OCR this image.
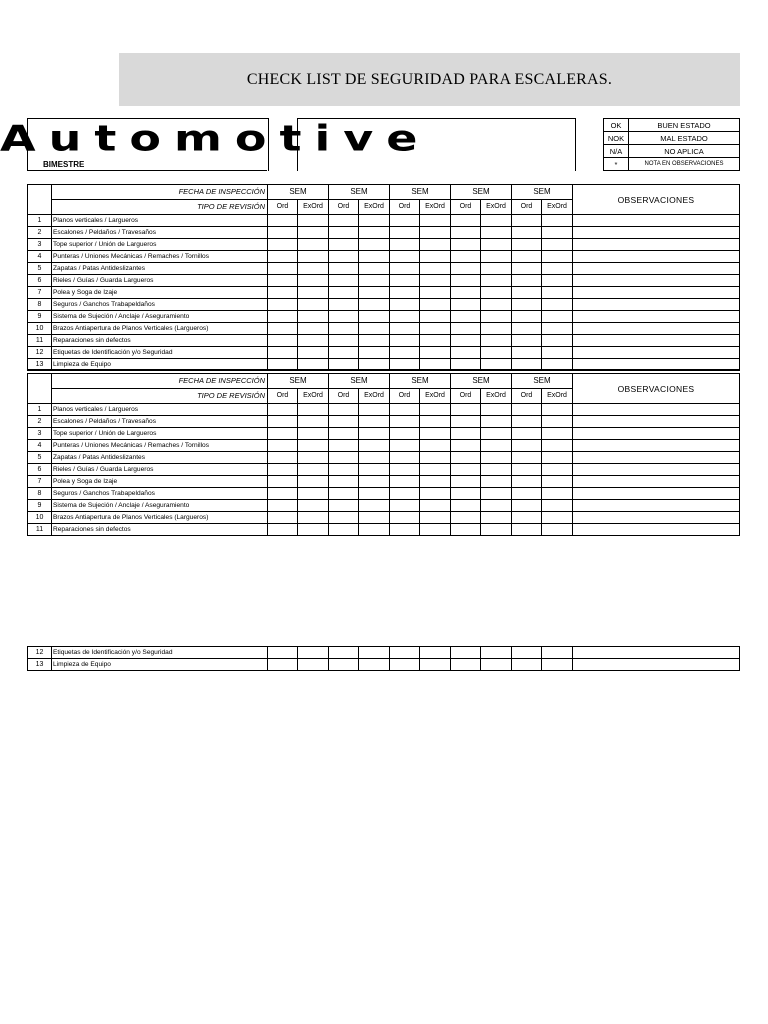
CHECK LIST DE SEGURIDAD PARA ESCALERAS.
Automotive
BIMESTRE
OK	BUEN ESTADO
NOK	MAL ESTADO
N/A	NO APLICA
*	NOTA EN OBSERVACIONES
	FECHA DE INSPECCIÓN	SEM		SEM		SEM		SEM		SEM		OBSERVACIONES
	TIPO DE REVISIÓN	Ord	ExOrd	Ord	ExOrd	Ord	ExOrd	Ord	ExOrd	Ord	ExOrd	
1	Planos verticales / Largueros											
2	Escalones / Peldaños / Travesaños											
3	Tope superior / Unión de Largueros											
4	Punteras / Uniones Mecánicas / Remaches / Tornillos											
5	Zapatas / Patas Antideslizantes											
6	Rieles / Guías / Guarda Largueros											
7	Polea y Soga de Izaje											
8	Seguros / Ganchos Trabapeldaños											
9	Sistema de Sujeción / Anclaje / Aseguramiento											
10	Brazos Antiapertura de Planos Verticales (Largueros)											
11	Reparaciones sin defectos											
12	Etiquetas de Identificación y/o Seguridad											
13	Limpieza de Equipo											
	FECHA DE INSPECCIÓN	SEM		SEM		SEM		SEM		SEM		OBSERVACIONES
	TIPO DE REVISIÓN	Ord	ExOrd	Ord	ExOrd	Ord	ExOrd	Ord	ExOrd	Ord	ExOrd	
1	Planos verticales / Largueros											
2	Escalones / Peldaños / Travesaños											
3	Tope superior / Unión de Largueros											
4	Punteras / Uniones Mecánicas / Remaches / Tornillos											
5	Zapatas / Patas Antideslizantes											
6	Rieles / Guías / Guarda Largueros											
7	Polea y Soga de Izaje											
8	Seguros / Ganchos Trabapeldaños											
9	Sistema de Sujeción / Anclaje / Aseguramiento											
10	Brazos Antiapertura de Planos Verticales (Largueros)											
11	Reparaciones sin defectos											
12	Etiquetas de Identificación y/o Seguridad											
13	Limpieza de Equipo											
